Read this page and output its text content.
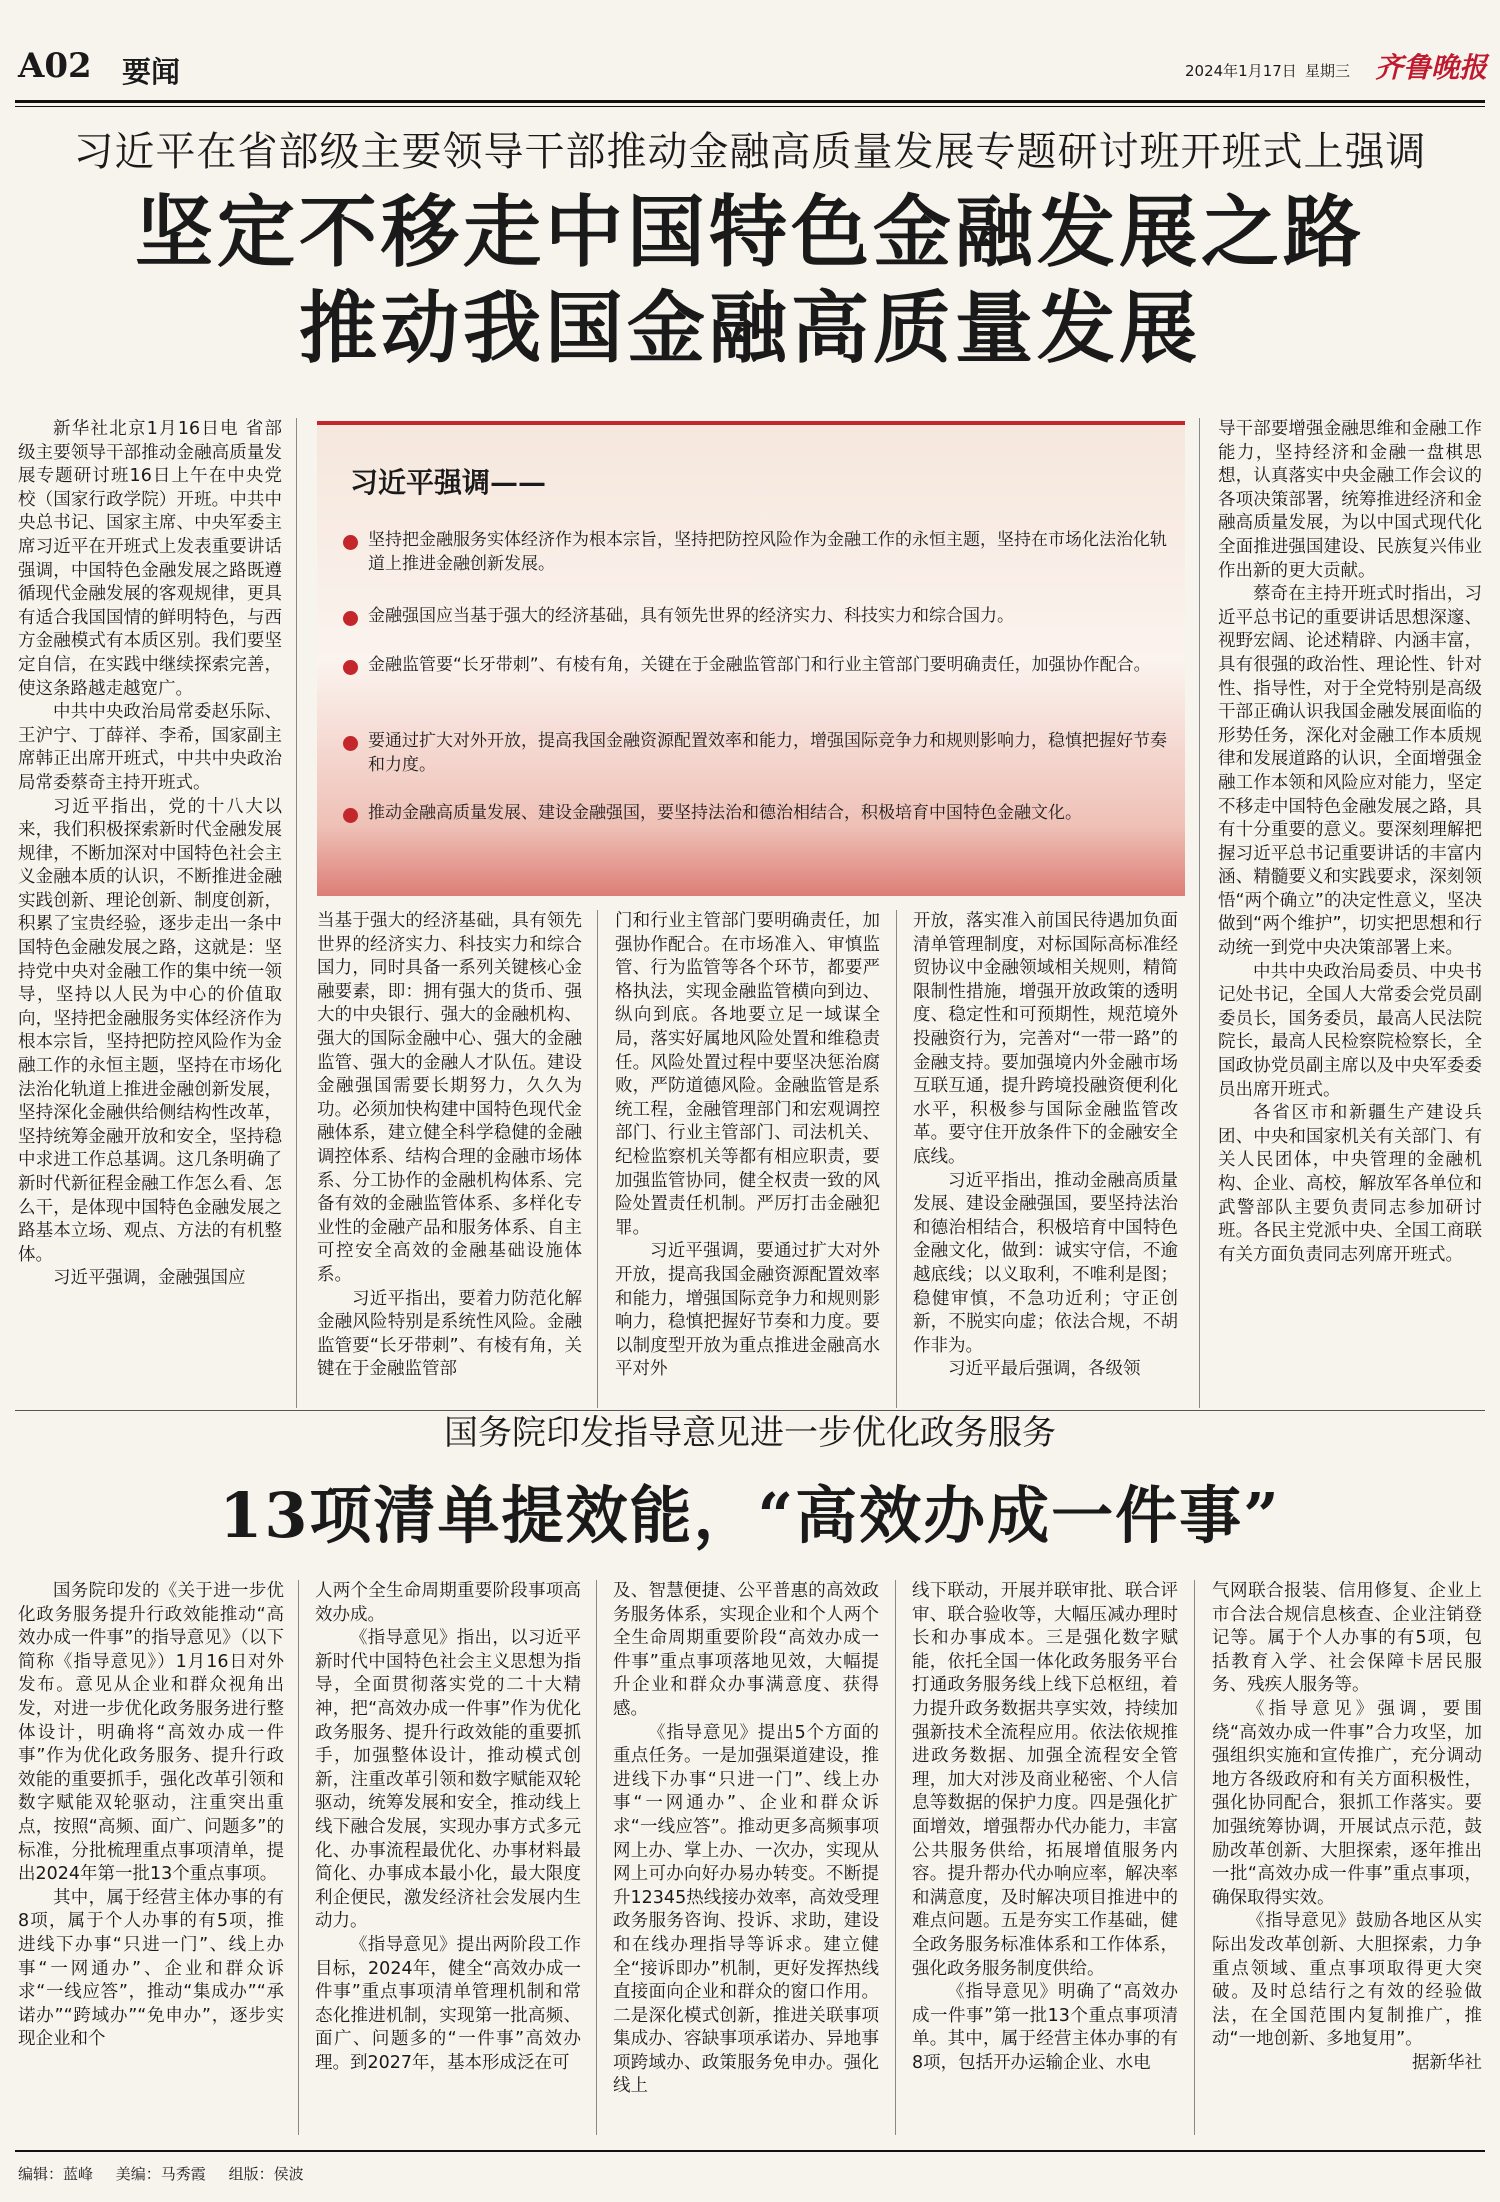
A02 要闻	2024年1月17日 星期三 齐鲁晚报
习近平在省部级主要领导干部推动金融高质量发展专题研讨班开班式上强调
坚定不移走中国特色金融发展之路
推动我国金融高质量发展

新华社北京1月16日电 省部级主要领导干部推动金融高质量发展专题研讨班16日上午在中央党校（国家行政学院）开班。中共中央总书记、国家主席、中央军委主席习近平在开班式上发表重要讲话强调，中国特色金融发展之路既遵循现代金融发展的客观规律，更具有适合我国国情的鲜明特色，与西方金融模式有本质区别。我们要坚定自信，在实践中继续探索完善，使这条路越走越宽广。

中共中央政治局常委赵乐际、王沪宁、丁薛祥、李希，国家副主席韩正出席开班式，中共中央政治局常委蔡奇主持开班式。

习近平指出，党的十八大以来，我们积极探索新时代金融发展规律，不断加深对中国特色社会主义金融本质的认识，不断推进金融实践创新、理论创新、制度创新，积累了宝贵经验，逐步走出一条中国特色金融发展之路，这就是：坚持党中央对金融工作的集中统一领导，坚持以人民为中心的价值取向，坚持把金融服务实体经济作为根本宗旨，坚持把防控风险作为金融工作的永恒主题，坚持在市场化法治化轨道上推进金融创新发展，坚持深化金融供给侧结构性改革，坚持统筹金融开放和安全，坚持稳中求进工作总基调。这几条明确了新时代新征程金融工作怎么看、怎么干，是体现中国特色金融发展之路基本立场、观点、方法的有机整体。

习近平强调，金融强国应

习近平强调——
坚持把金融服务实体经济作为根本宗旨，坚持把防控风险作为金融工作的永恒主题，坚持在市场化法治化轨道上推进金融创新发展。
金融强国应当基于强大的经济基础，具有领先世界的经济实力、科技实力和综合国力。
金融监管要“长牙带刺”、有棱有角，关键在于金融监管部门和行业主管部门要明确责任，加强协作配合。
要通过扩大对外开放，提高我国金融资源配置效率和能力，增强国际竞争力和规则影响力，稳慎把握好节奏和力度。
推动金融高质量发展、建设金融强国，要坚持法治和德治相结合，积极培育中国特色金融文化。

当基于强大的经济基础，具有领先世界的经济实力、科技实力和综合国力，同时具备一系列关键核心金融要素，即：拥有强大的货币、强大的中央银行、强大的金融机构、强大的国际金融中心、强大的金融监管、强大的金融人才队伍。建设金融强国需要长期努力，久久为功。必须加快构建中国特色现代金融体系，建立健全科学稳健的金融调控体系、结构合理的金融市场体系、分工协作的金融机构体系、完备有效的金融监管体系、多样化专业性的金融产品和服务体系、自主可控安全高效的金融基础设施体系。

习近平指出，要着力防范化解金融风险特别是系统性风险。金融监管要“长牙带刺”、有棱有角，关键在于金融监管部

门和行业主管部门要明确责任，加强协作配合。在市场准入、审慎监管、行为监管等各个环节，都要严格执法，实现金融监管横向到边、纵向到底。各地要立足一域谋全局，落实好属地风险处置和维稳责任。风险处置过程中要坚决惩治腐败，严防道德风险。金融监管是系统工程，金融管理部门和宏观调控部门、行业主管部门、司法机关、纪检监察机关等都有相应职责，要加强监管协同，健全权责一致的风险处置责任机制。严厉打击金融犯罪。

习近平强调，要通过扩大对外开放，提高我国金融资源配置效率和能力，增强国际竞争力和规则影响力，稳慎把握好节奏和力度。要以制度型开放为重点推进金融高水平对外

开放，落实准入前国民待遇加负面清单管理制度，对标国际高标准经贸协议中金融领域相关规则，精简限制性措施，增强开放政策的透明度、稳定性和可预期性，规范境外投融资行为，完善对“一带一路”的金融支持。要加强境内外金融市场互联互通，提升跨境投融资便利化水平，积极参与国际金融监管改革。要守住开放条件下的金融安全底线。

习近平指出，推动金融高质量发展、建设金融强国，要坚持法治和德治相结合，积极培育中国特色金融文化，做到：诚实守信，不逾越底线；以义取利，不唯利是图；稳健审慎，不急功近利；守正创新，不脱实向虚；依法合规，不胡作非为。

习近平最后强调，各级领

导干部要增强金融思维和金融工作能力，坚持经济和金融一盘棋思想，认真落实中央金融工作会议的各项决策部署，统筹推进经济和金融高质量发展，为以中国式现代化全面推进强国建设、民族复兴伟业作出新的更大贡献。

蔡奇在主持开班式时指出，习近平总书记的重要讲话思想深邃、视野宏阔、论述精辟、内涵丰富，具有很强的政治性、理论性、针对性、指导性，对于全党特别是高级干部正确认识我国金融发展面临的形势任务，深化对金融工作本质规律和发展道路的认识，全面增强金融工作本领和风险应对能力，坚定不移走中国特色金融发展之路，具有十分重要的意义。要深刻理解把握习近平总书记重要讲话的丰富内涵、精髓要义和实践要求，深刻领悟“两个确立”的决定性意义，坚决做到“两个维护”，切实把思想和行动统一到党中央决策部署上来。

中共中央政治局委员、中央书记处书记，全国人大常委会党员副委员长，国务委员，最高人民法院院长，最高人民检察院检察长，全国政协党员副主席以及中央军委委员出席开班式。

各省区市和新疆生产建设兵团、中央和国家机关有关部门、有关人民团体，中央管理的金融机构、企业、高校，解放军各单位和武警部队主要负责同志参加研讨班。各民主党派中央、全国工商联有关方面负责同志列席开班式。

国务院印发指导意见进一步优化政务服务
13项清单提效能，“高效办成一件事”

国务院印发的《关于进一步优化政务服务提升行政效能推动“高效办成一件事”的指导意见》（以下简称《指导意见》）1月16日对外发布。意见从企业和群众视角出发，对进一步优化政务服务进行整体设计，明确将“高效办成一件事”作为优化政务服务、提升行政效能的重要抓手，强化改革引领和数字赋能双轮驱动，注重突出重点，按照“高频、面广、问题多”的标准，分批梳理重点事项清单，提出2024年第一批13个重点事项。

其中，属于经营主体办事的有8项，属于个人办事的有5项，推进线下办事“只进一门”、线上办事“一网通办”、企业和群众诉求“一线应答”，推动“集成办”“承诺办”“跨域办”“免申办”，逐步实现企业和个

人两个全生命周期重要阶段事项高效办成。

《指导意见》指出，以习近平新时代中国特色社会主义思想为指导，全面贯彻落实党的二十大精神，把“高效办成一件事”作为优化政务服务、提升行政效能的重要抓手，加强整体设计，推动模式创新，注重改革引领和数字赋能双轮驱动，统筹发展和安全，推动线上线下融合发展，实现办事方式多元化、办事流程最优化、办事材料最简化、办事成本最小化，最大限度利企便民，激发经济社会发展内生动力。

《指导意见》提出两阶段工作目标，2024年，健全“高效办成一件事”重点事项清单管理机制和常态化推进机制，实现第一批高频、面广、问题多的“一件事”高效办理。到2027年，基本形成泛在可

及、智慧便捷、公平普惠的高效政务服务体系，实现企业和个人两个全生命周期重要阶段“高效办成一件事”重点事项落地见效，大幅提升企业和群众办事满意度、获得感。

《指导意见》提出5个方面的重点任务。一是加强渠道建设，推进线下办事“只进一门”、线上办事“一网通办”、企业和群众诉求“一线应答”。推动更多高频事项网上办、掌上办、一次办，实现从网上可办向好办易办转变。不断提升12345热线接办效率，高效受理政务服务咨询、投诉、求助，建设和在线办理指导等诉求。建立健全“接诉即办”机制，更好发挥热线直接面向企业和群众的窗口作用。二是深化模式创新，推进关联事项集成办、容缺事项承诺办、异地事项跨域办、政策服务免申办。强化线上

线下联动，开展并联审批、联合评审、联合验收等，大幅压减办理时长和办事成本。三是强化数字赋能，依托全国一体化政务服务平台打通政务服务线上线下总枢纽，着力提升政务数据共享实效，持续加强新技术全流程应用。依法依规推进政务数据、加强全流程安全管理，加大对涉及商业秘密、个人信息等数据的保护力度。四是强化扩面增效，增强帮办代办能力，丰富公共服务供给，拓展增值服务内容。提升帮办代办响应率，解决率和满意度，及时解决项目推进中的难点问题。五是夯实工作基础，健全政务服务标准体系和工作体系，强化政务服务制度供给。

《指导意见》明确了“高效办成一件事”第一批13个重点事项清单。其中，属于经营主体办事的有8项，包括开办运输企业、水电

气网联合报装、信用修复、企业上市合法合规信息核查、企业注销登记等。属于个人办事的有5项，包括教育入学、社会保障卡居民服务、残疾人服务等。

《指导意见》强调，要围绕“高效办成一件事”合力攻坚，加强组织实施和宣传推广，充分调动地方各级政府和有关方面积极性，强化协同配合，狠抓工作落实。要加强统筹协调，开展试点示范，鼓励改革创新、大胆探索，逐年推出一批“高效办成一件事”重点事项，确保取得实效。

《指导意见》鼓励各地区从实际出发改革创新、大胆探索，力争重点领域、重点事项取得更大突破。及时总结行之有效的经验做法，在全国范围内复制推广，推动“一地创新、多地复用”。

据新华社

编辑：蓝峰 美编：马秀霞 组版：侯波
